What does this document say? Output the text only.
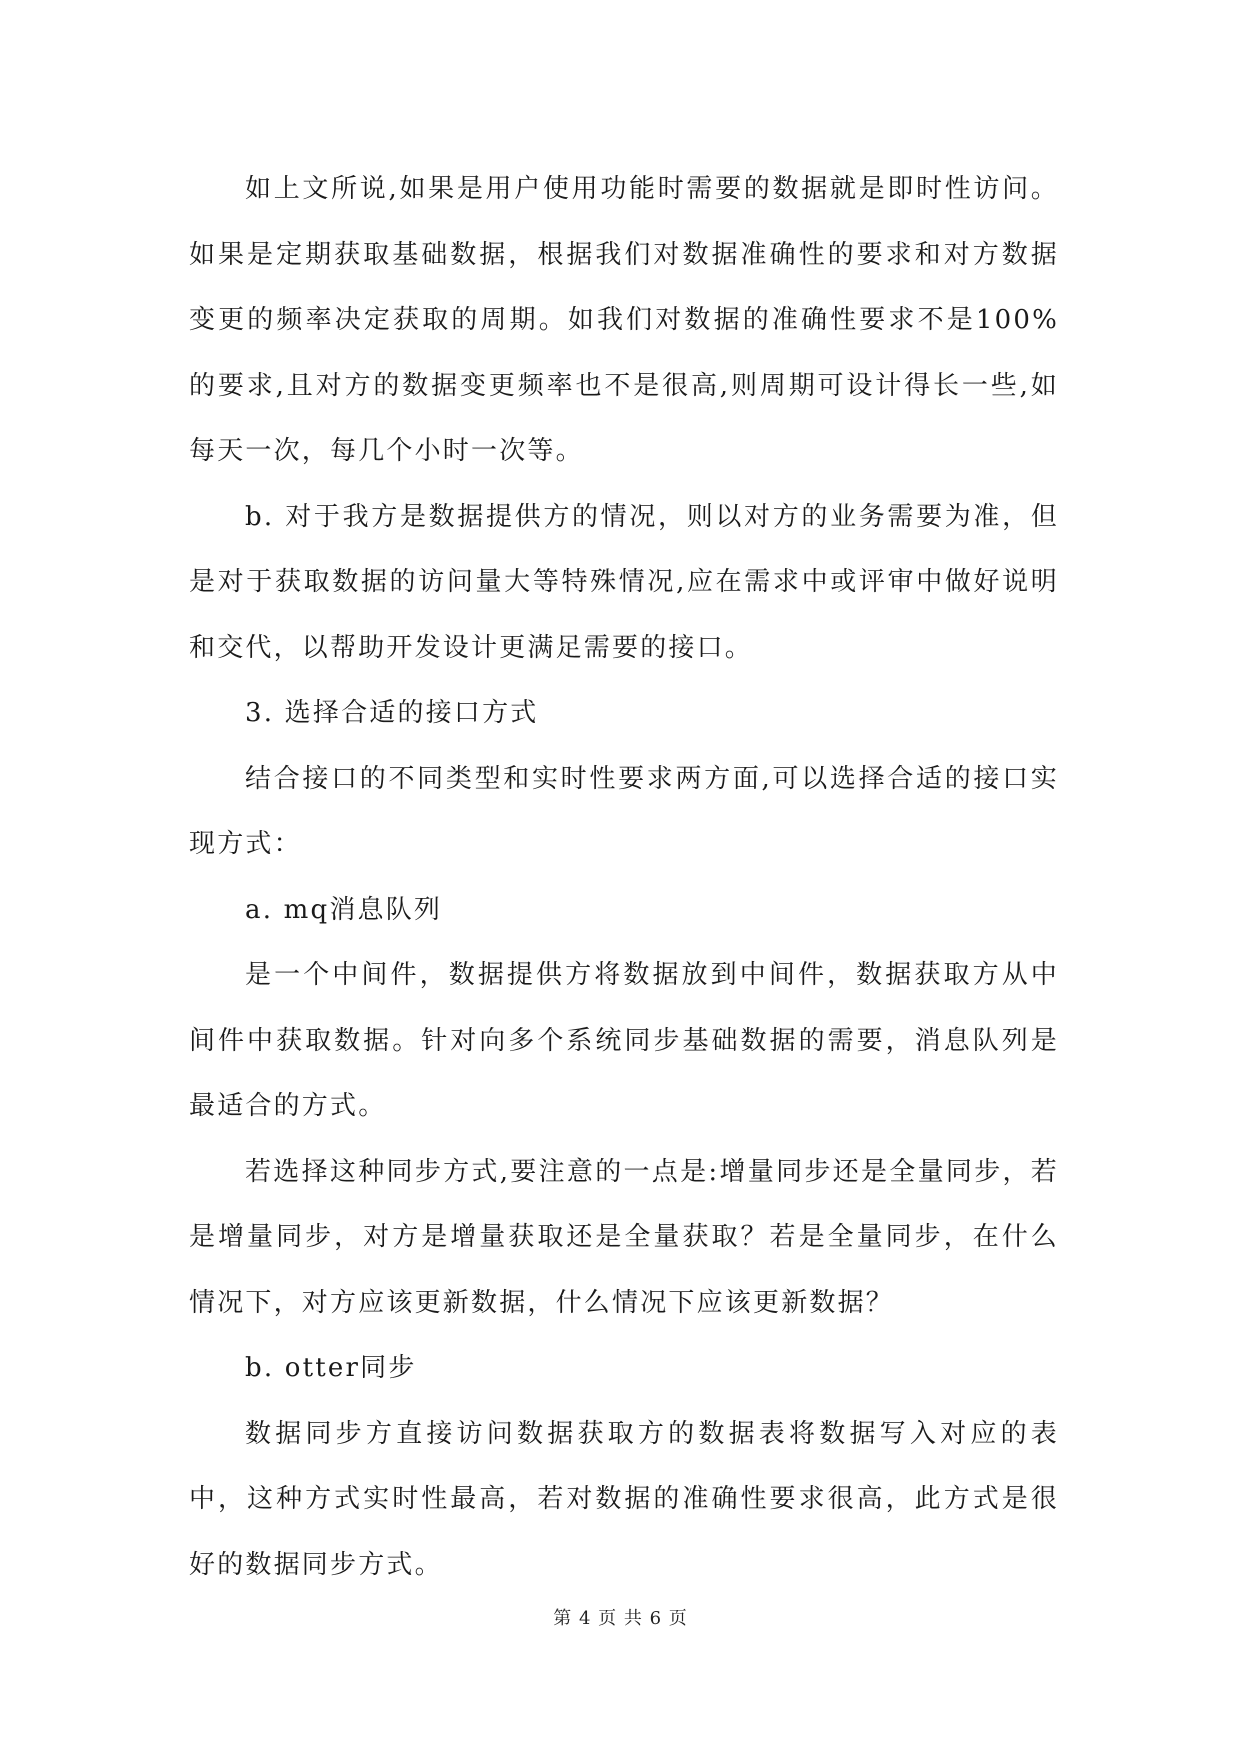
如上文所说,如果是用户使用功能时需要的数据就是即时性访问。如果是定期获取基础数据，根据我们对数据准确性的要求和对方数据变更的频率决定获取的周期。如我们对数据的准确性要求不是100%的要求,且对方的数据变更频率也不是很高,则周期可设计得长一些,如每天一次，每几个小时一次等。

b. 对于我方是数据提供方的情况，则以对方的业务需要为准，但是对于获取数据的访问量大等特殊情况,应在需求中或评审中做好说明和交代，以帮助开发设计更满足需要的接口。

3. 选择合适的接口方式

结合接口的不同类型和实时性要求两方面,可以选择合适的接口实现方式：

a. mq消息队列

是一个中间件，数据提供方将数据放到中间件，数据获取方从中间件中获取数据。针对向多个系统同步基础数据的需要，消息队列是最适合的方式。

若选择这种同步方式,要注意的一点是:增量同步还是全量同步，若是增量同步，对方是增量获取还是全量获取？若是全量同步，在什么情况下，对方应该更新数据，什么情况下应该更新数据？

b. otter同步

数据同步方直接访问数据获取方的数据表将数据写入对应的表中，这种方式实时性最高，若对数据的准确性要求很高，此方式是很好的数据同步方式。

第 4 页 共 6 页
